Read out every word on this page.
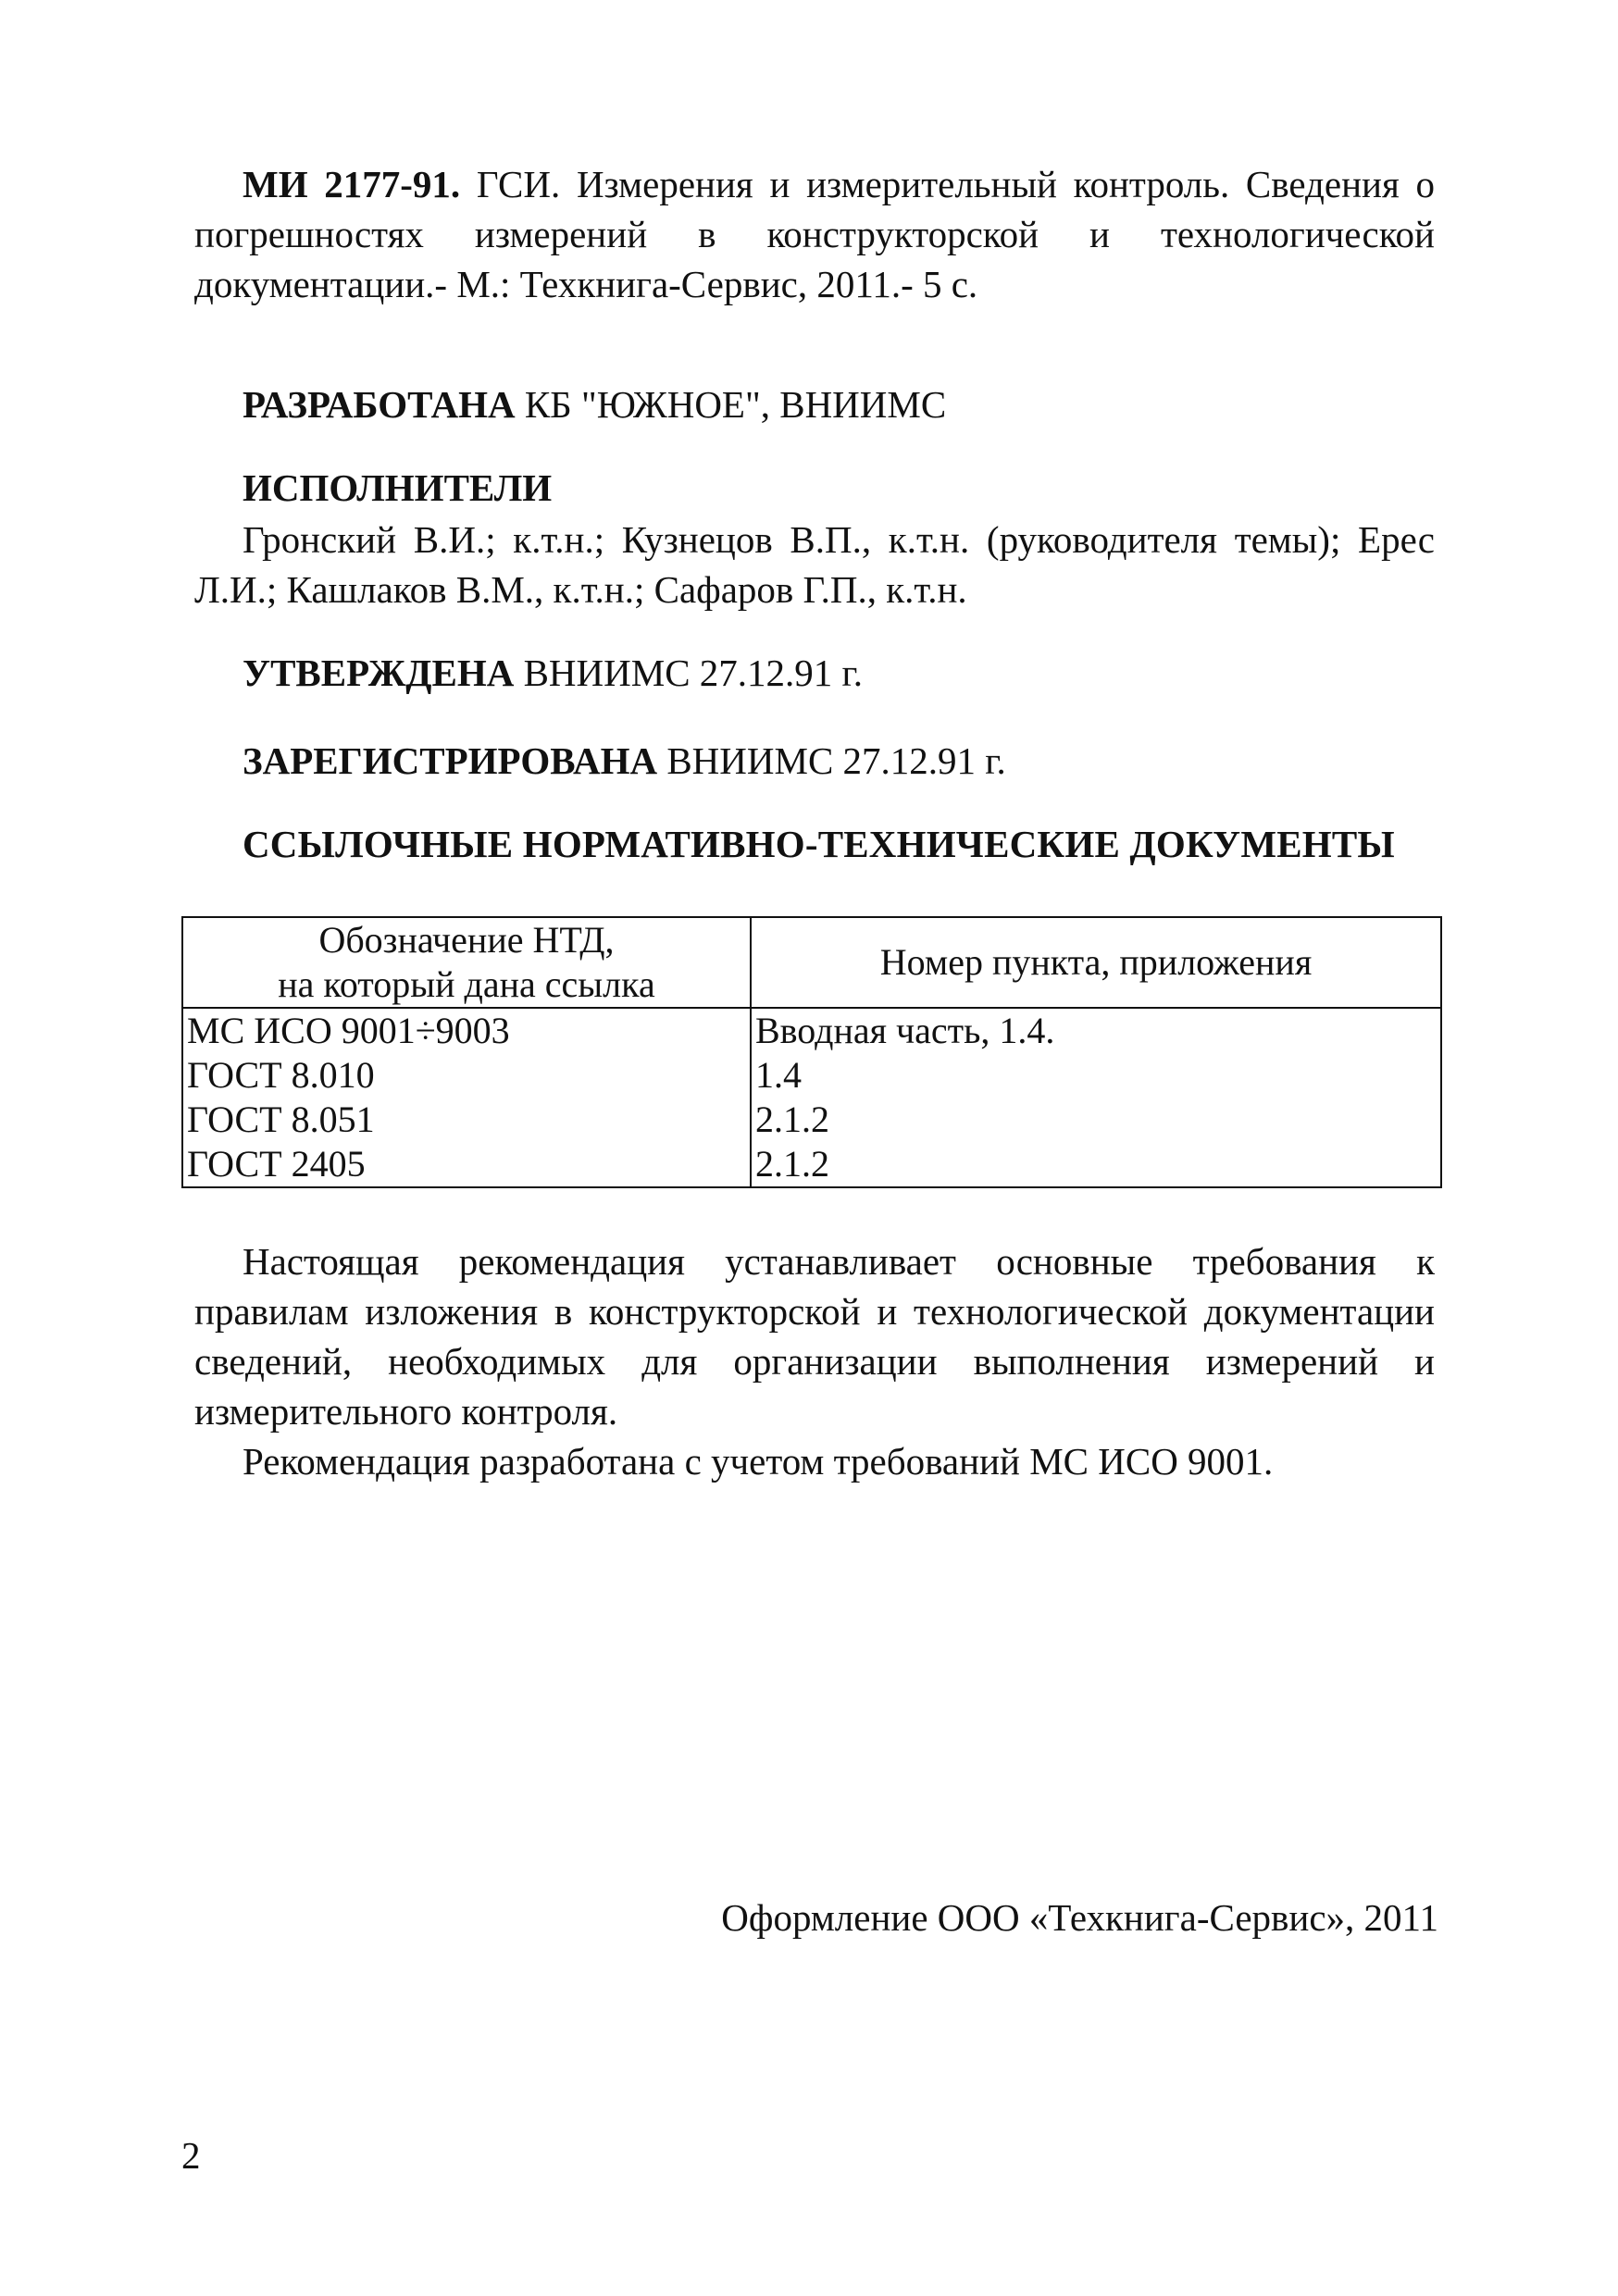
МИ 2177-91. ГСИ. Измерения и измерительный контроль. Сведения о погрешностях измерений в конструкторской и технологической документации.- М.: Техкнига-Сервис, 2011.- 5 с.
РАЗРАБОТАНА КБ "ЮЖНОЕ", ВНИИМС
ИСПОЛНИТЕЛИ
Гронский В.И.; к.т.н.; Кузнецов В.П., к.т.н. (руководителя темы); Ерес Л.И.; Кашлаков В.М., к.т.н.; Сафаров Г.П., к.т.н.
УТВЕРЖДЕНА ВНИИМС 27.12.91 г.
ЗАРЕГИСТРИРОВАНА ВНИИМС 27.12.91 г.
ССЫЛОЧНЫЕ НОРМАТИВНО-ТЕХНИЧЕСКИЕ ДОКУМЕНТЫ
Обозначение НТД,
на который дана ссылка	Номер пункта, приложения
МС ИСО 9001÷9003	Вводная часть, 1.4.
ГОСТ 8.010	1.4
ГОСТ 8.051	2.1.2
ГОСТ 2405	2.1.2

Настоящая рекомендация устанавливает основные требования к правилам изложения в конструкторской и технологической документации сведений, необходимых для организации выполнения измерений и измерительного контроля.

Рекомендация разработана с учетом требований МС ИСО 9001.

Оформление ООО «Техкнига-Сервис», 2011
2
